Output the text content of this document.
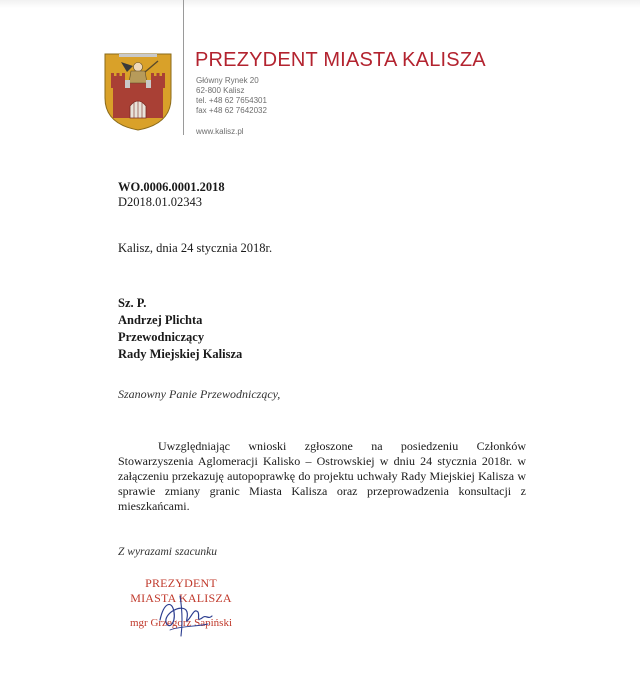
PREZYDENT MIASTA KALISZA
Główny Rynek 20
62-800 Kalisz
tel. +48 62 7654301
fax +48 62 7642032
www.kalisz.pl
WO.0006.0001.2018
D2018.01.02343
Kalisz, dnia 24 stycznia 2018r.
Sz. P.
Andrzej Plichta
Przewodniczący
Rady Miejskiej Kalisza
Szanowny Panie Przewodniczący,

Uwzględniając wnioski zgłoszone na posiedzeniu Członków Stowarzyszenia Aglomeracji Kalisko – Ostrowskiej w dniu 24 stycznia 2018r. w załączeniu przekazuję autopoprawkę do projektu uchwały Rady Miejskiej Kalisza w sprawie zmiany granic Miasta Kalisza oraz przeprowadzenia konsultacji z mieszkańcami.

Z wyrazami szacunku
PREZYDENT
MIASTA KALISZA
mgr Grzegorz Sapiński
